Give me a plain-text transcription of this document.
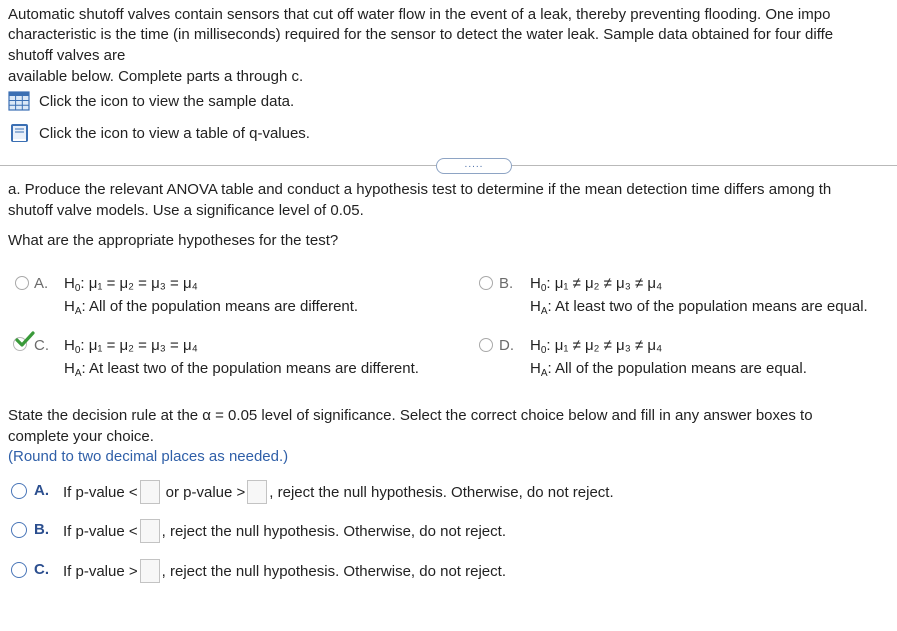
Automatic shutoff valves contain sensors that cut off water flow in the event of a leak, thereby preventing flooding. One impo
characteristic is the time (in milliseconds) required for the sensor to detect the water leak. Sample data obtained for four diffe
shutoff valves are
available below. Complete parts a through c.
Click the icon to view the sample data.
Click the icon to view a table of q-values.
.....
a. Produce the relevant ANOVA table and conduct a hypothesis test to determine if the mean detection time differs among th
shutoff valve models. Use a significance level of 0.05.
What are the appropriate hypotheses for the test?
A. $H_0$: μ₁ = μ₂ = μ₃ = μ₄
$H_A$: All of the population means are different.
B. $H_0$: μ₁ ≠ μ₂ ≠ μ₃ ≠ μ₄
$H_A$: At least two of the population means are equal.
C. $H_0$: μ₁ = μ₂ = μ₃ = μ₄
$H_A$: At least two of the population means are different.
D. $H_0$: μ₁ ≠ μ₂ ≠ μ₃ ≠ μ₄
$H_A$: All of the population means are equal.
State the decision rule at the α = 0.05 level of significance. Select the correct choice below and fill in any answer boxes to
complete your choice.
(Round to two decimal places as needed.)
A. If p-value < or p-value > , reject the null hypothesis. Otherwise, do not reject.
B. If p-value < , reject the null hypothesis. Otherwise, do not reject.
C. If p-value > , reject the null hypothesis. Otherwise, do not reject.
